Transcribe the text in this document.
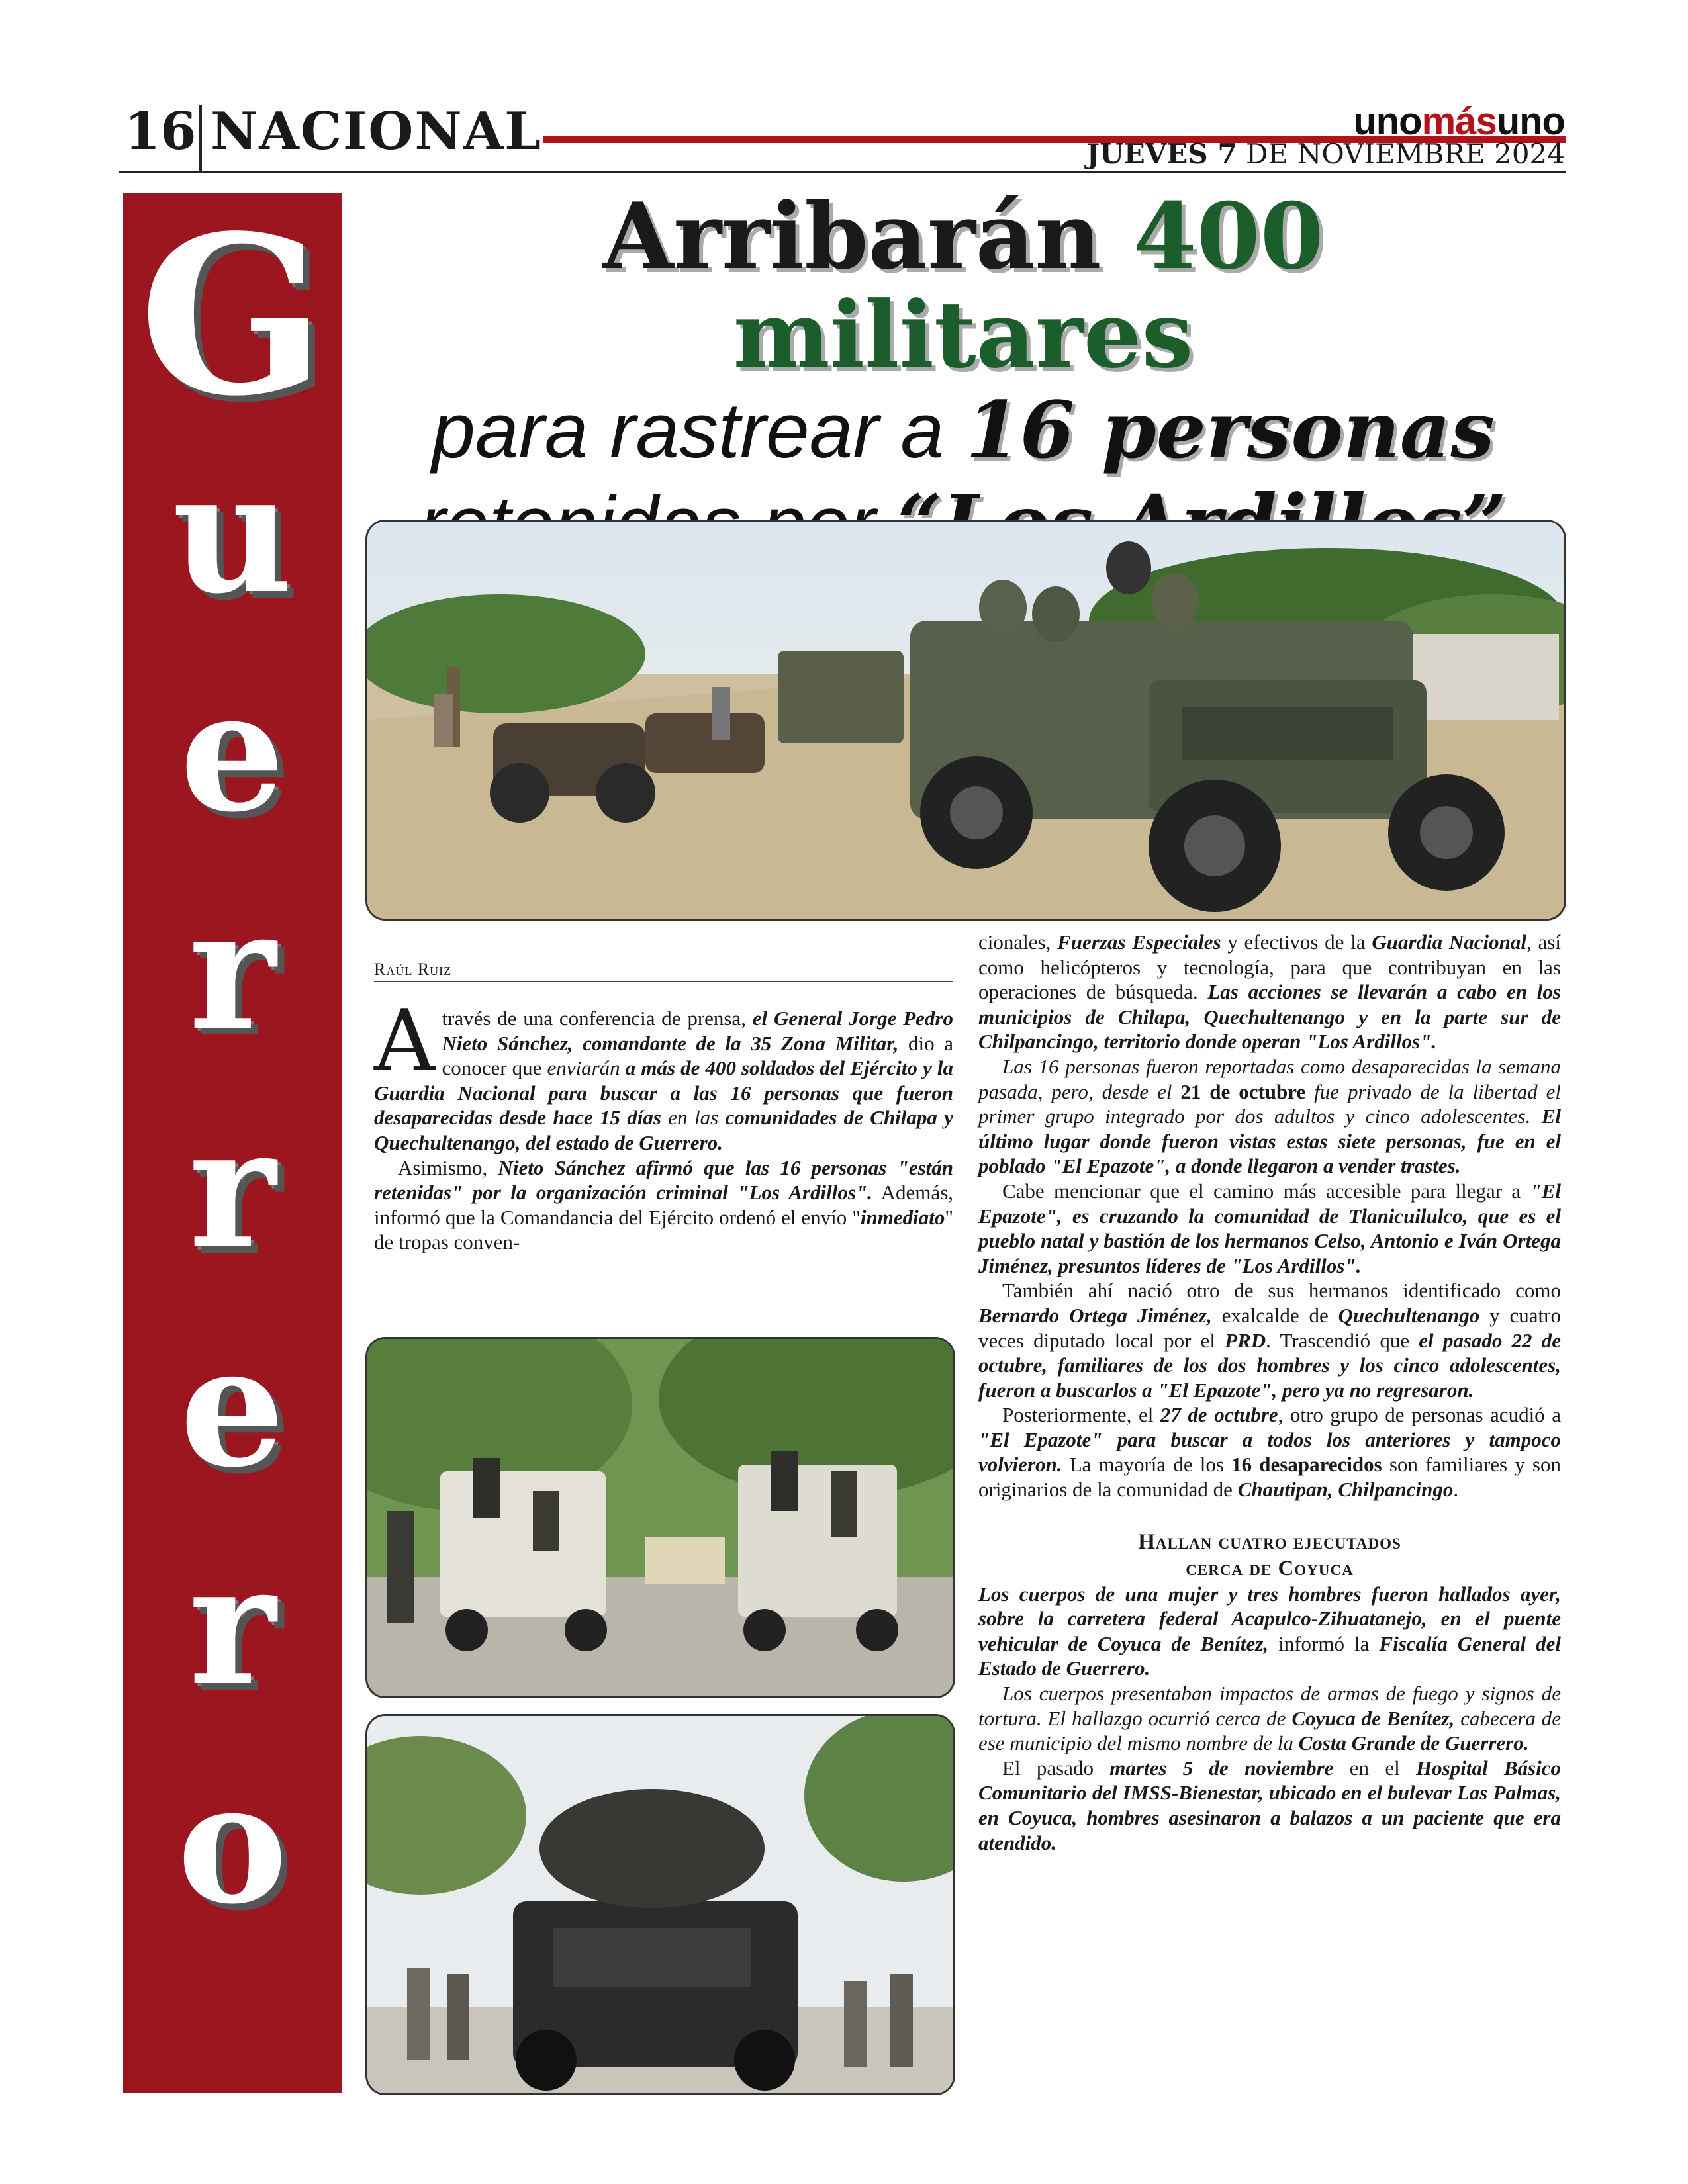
16 NACIONAL	unomásuno
JUEVES 7 DE NOVIEMBRE 2024
G
u
e
r
r
e
r
o
Arribarán 400 militares
para rastrear a 16 personas
Raúl Ruiz

Através de una conferencia de prensa, el General Jorge Pedro Nieto Sánchez, comandante de la 35 Zona Militar, dio a conocer que enviarán a más de 400 soldados del Ejército y la Guardia Nacional para buscar a las 16 personas que fueron desaparecidas desde hace 15 días en las comunidades de Chilapa y Quechultenango, del estado de Guerrero.

Asimismo, Nieto Sánchez afirmó que las 16 personas "están retenidas" por la organización criminal "Los Ardillos". Además, informó que la Comandancia del Ejército ordenó el envío "inmediato" de tropas conven-

cionales, Fuerzas Especiales y efectivos de la Guardia Nacional, así como helicópteros y tecnología, para que contribuyan en las operaciones de búsqueda. Las acciones se llevarán a cabo en los municipios de Chilapa, Quechultenango y en la parte sur de Chilpancingo, territorio donde operan "Los Ardillos".

Las 16 personas fueron reportadas como desaparecidas la semana pasada, pero, desde el 21 de octubre fue privado de la libertad el primer grupo integrado por dos adultos y cinco adolescentes. El último lugar donde fueron vistas estas siete personas, fue en el poblado "El Epazote", a donde llegaron a vender trastes.

Cabe mencionar que el camino más accesible para llegar a "El Epazote", es cruzando la comunidad de Tlanicuilulco, que es el pueblo natal y bastión de los hermanos Celso, Antonio e Iván Ortega Jiménez, presuntos líderes de "Los Ardillos".

También ahí nació otro de sus hermanos identificado como Bernardo Ortega Jiménez, exalcalde de Quechultenango y cuatro veces diputado local por el PRD. Trascendió que el pasado 22 de octubre, familiares de los dos hombres y los cinco adolescentes, fueron a buscarlos a "El Epazote", pero ya no regresaron.

Posteriormente, el 27 de octubre, otro grupo de personas acudió a "El Epazote" para buscar a todos los anteriores y tampoco volvieron. La mayoría de los 16 desaparecidos son familiares y son originarios de la comunidad de Chautipan, Chilpancingo.

Hallan cuatro ejecutados
cerca de Coyuca

Los cuerpos de una mujer y tres hombres fueron hallados ayer, sobre la carretera federal Acapulco-Zihuatanejo, en el puente vehicular de Coyuca de Benítez, informó la Fiscalía General del Estado de Guerrero.

Los cuerpos presentaban impactos de armas de fuego y signos de tortura. El hallazgo ocurrió cerca de Coyuca de Benítez, cabecera de ese municipio del mismo nombre de la Costa Grande de Guerrero.

El pasado martes 5 de noviembre en el Hospital Básico Comunitario del IMSS-Bienestar, ubicado en el bulevar Las Palmas, en Coyuca, hombres asesinaron a balazos a un paciente que era atendido.
